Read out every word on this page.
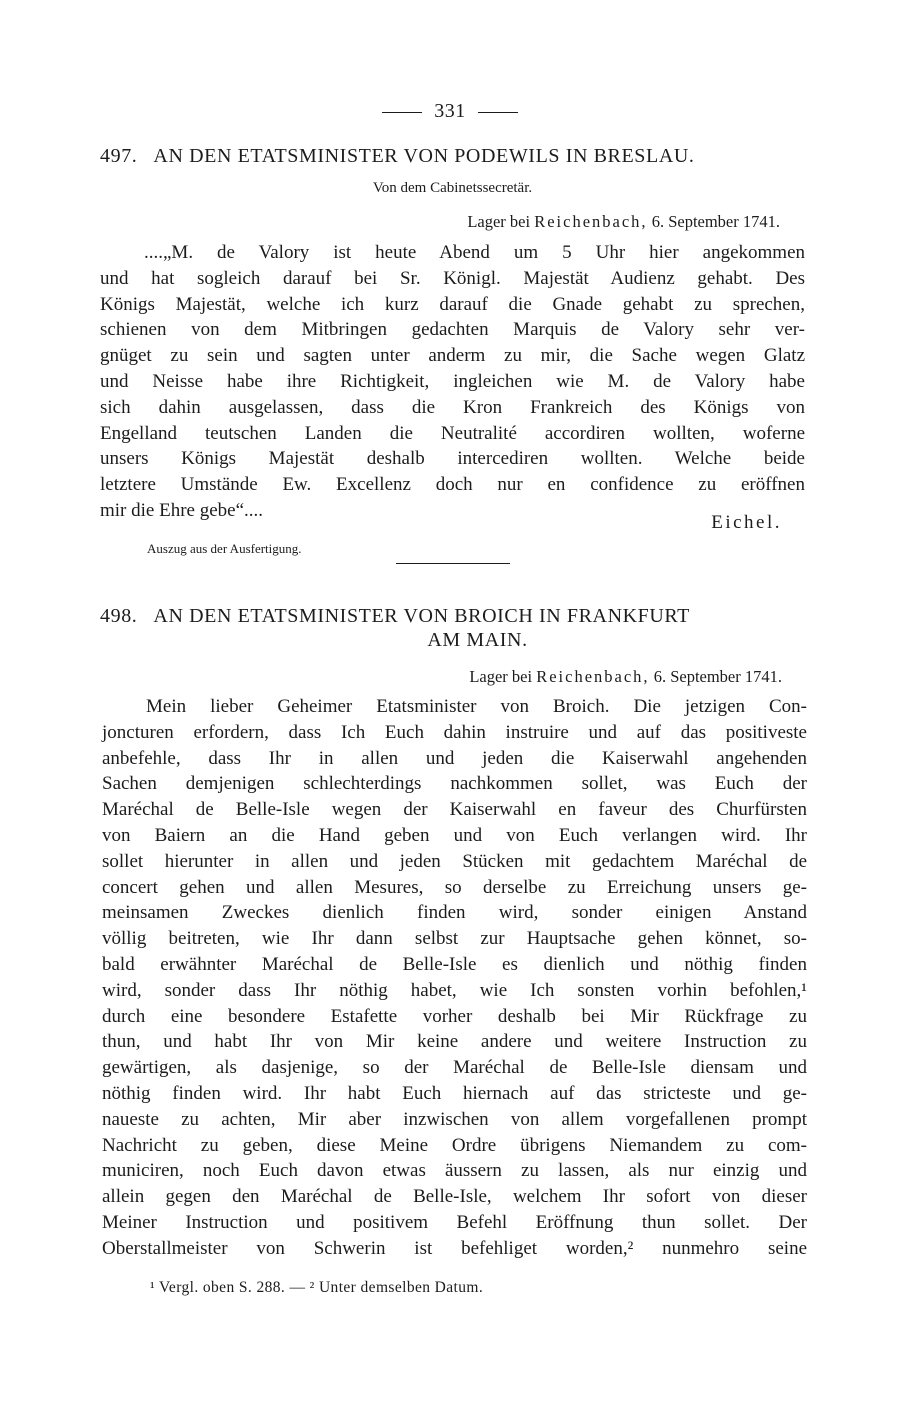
331

497. AN DEN ETATSMINISTER VON PODEWILS IN BRESLAU.

Von dem Cabinetssecretär.

Lager bei Reichenbach, 6. September 1741.

....„M. de Valory ist heute Abend um 5 Uhr hier angekommen

und hat sogleich darauf bei Sr. Königl. Majestät Audienz gehabt. Des

Königs Majestät, welche ich kurz darauf die Gnade gehabt zu sprechen,

schienen von dem Mitbringen gedachten Marquis de Valory sehr ver-

gnüget zu sein und sagten unter anderm zu mir, die Sache wegen Glatz

und Neisse habe ihre Richtigkeit, ingleichen wie M. de Valory habe

sich dahin ausgelassen, dass die Kron Frankreich des Königs von

Engelland teutschen Landen die Neutralité accordiren wollten, woferne

unsers Königs Majestät deshalb intercediren wollten. Welche beide

letztere Umstände Ew. Excellenz doch nur en confidence zu eröffnen

mir die Ehre gebe“....

Eichel.

Auszug aus der Ausfertigung.

498. AN DEN ETATSMINISTER VON BROICH IN FRANKFURT

AM MAIN.

Lager bei Reichenbach, 6. September 1741.

Mein lieber Geheimer Etatsminister von Broich. Die jetzigen Con-

joncturen erfordern, dass Ich Euch dahin instruire und auf das positiveste

anbefehle, dass Ihr in allen und jeden die Kaiserwahl angehenden

Sachen demjenigen schlechterdings nachkommen sollet, was Euch der

Maréchal de Belle-Isle wegen der Kaiserwahl en faveur des Churfürsten

von Baiern an die Hand geben und von Euch verlangen wird. Ihr

sollet hierunter in allen und jeden Stücken mit gedachtem Maréchal de

concert gehen und allen Mesures, so derselbe zu Erreichung unsers ge-

meinsamen Zweckes dienlich finden wird, sonder einigen Anstand

völlig beitreten, wie Ihr dann selbst zur Hauptsache gehen könnet, so-

bald erwähnter Maréchal de Belle-Isle es dienlich und nöthig finden

wird, sonder dass Ihr nöthig habet, wie Ich sonsten vorhin befohlen,¹

durch eine besondere Estafette vorher deshalb bei Mir Rückfrage zu

thun, und habt Ihr von Mir keine andere und weitere Instruction zu

gewärtigen, als dasjenige, so der Maréchal de Belle-Isle diensam und

nöthig finden wird. Ihr habt Euch hiernach auf das stricteste und ge-

naueste zu achten, Mir aber inzwischen von allem vorgefallenen prompt

Nachricht zu geben, diese Meine Ordre übrigens Niemandem zu com-

municiren, noch Euch davon etwas äussern zu lassen, als nur einzig und

allein gegen den Maréchal de Belle-Isle, welchem Ihr sofort von dieser

Meiner Instruction und positivem Befehl Eröffnung thun sollet. Der

Oberstallmeister von Schwerin ist befehliget worden,² nunmehro seine

¹ Vergl. oben S. 288. — ² Unter demselben Datum.
